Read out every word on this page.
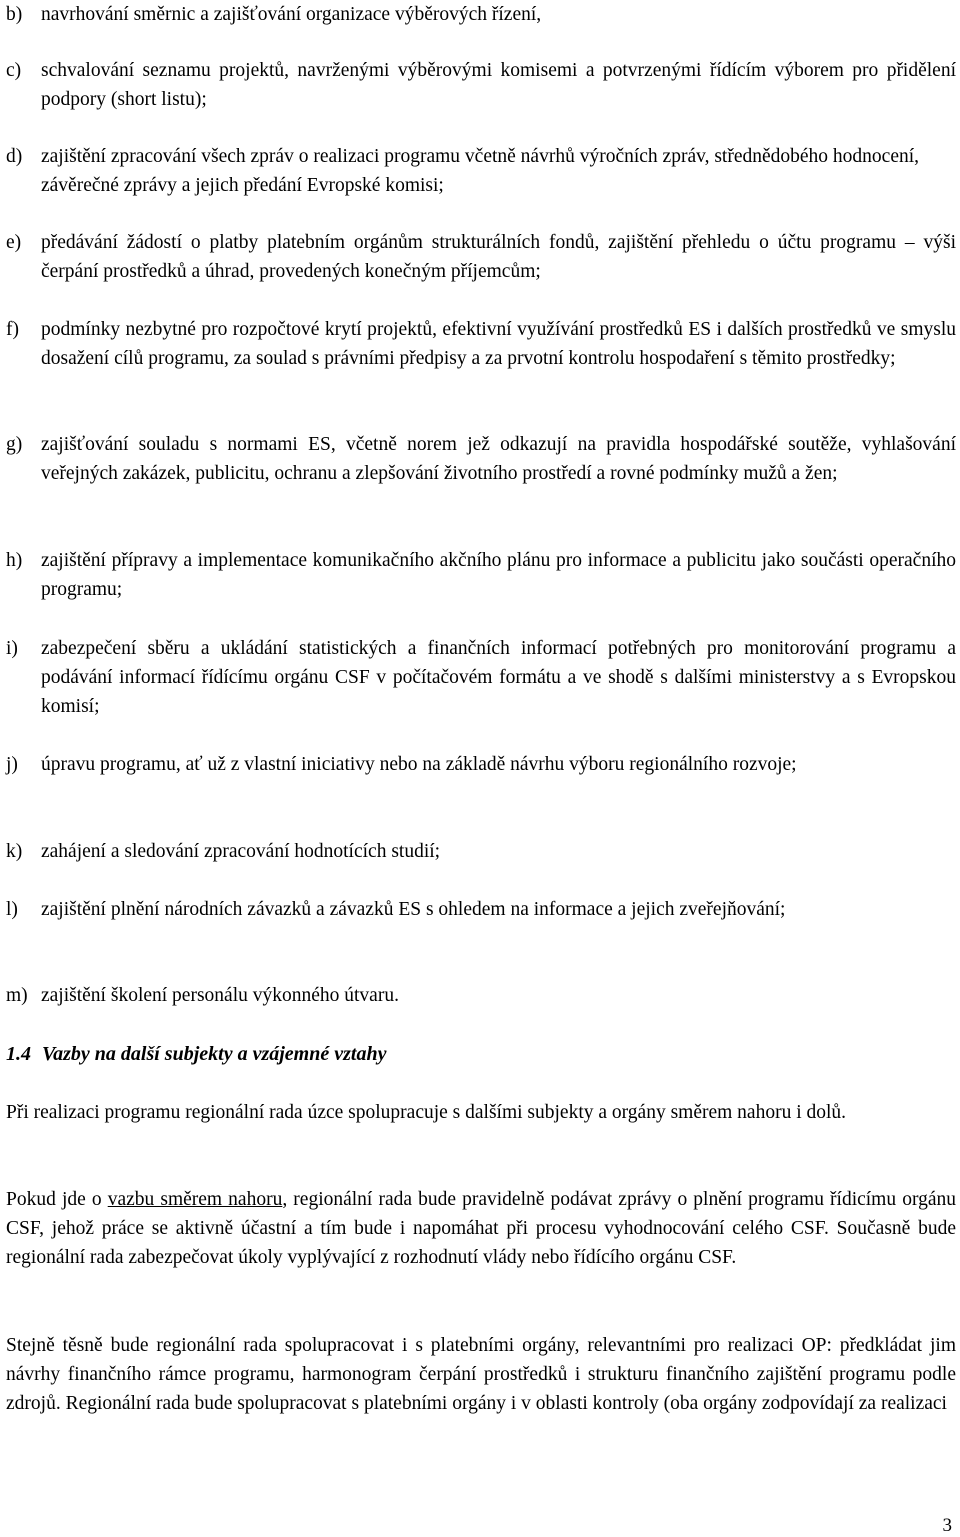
b) navrhování směrnic a zajišťování organizace výběrových řízení,
c) schvalování seznamu projektů, navrženými výběrovými komisemi a potvrzenými řídícím výborem pro přidělení podpory (short listu);
d) zajištění zpracování všech zpráv o realizaci programu včetně návrhů výročních zpráv, střednědobého hodnocení, závěrečné zprávy a jejich předání Evropské komisi;
e) předávání žádostí o platby platebním orgánům strukturálních fondů, zajištění přehledu o účtu programu – výši čerpání prostředků a úhrad, provedených konečným příjemcům;
f) podmínky nezbytné pro rozpočtové krytí projektů, efektivní využívání prostředků ES i dalších prostředků ve smyslu dosažení cílů programu, za soulad s právními předpisy a za prvotní kontrolu hospodaření s těmito prostředky;
g) zajišťování souladu s normami ES, včetně norem jež odkazují na pravidla hospodářské soutěže, vyhlašování veřejných zakázek, publicitu, ochranu a zlepšování životního prostředí a rovné podmínky mužů a žen;
h) zajištění přípravy a implementace komunikačního akčního plánu pro informace a publicitu jako součásti operačního programu;
i) zabezpečení sběru a ukládání statistických a finančních informací potřebných pro monitorování programu a podávání informací řídícímu orgánu CSF v počítačovém formátu a ve shodě s dalšími ministerstvy a s Evropskou komisí;
j) úpravu programu, ať už z vlastní iniciativy nebo na základě návrhu výboru regionálního rozvoje;
k) zahájení a sledování zpracování hodnotících studií;
l) zajištění plnění národních závazků a závazků ES s ohledem na informace a jejich zveřejňování;
m) zajištění školení personálu výkonného útvaru.
1.4 Vazby na další subjekty a vzájemné vztahy
Při realizaci programu regionální rada úzce spolupracuje s dalšími subjekty a orgány směrem nahoru i dolů.
Pokud jde o vazbu směrem nahoru, regionální rada bude pravidelně podávat zprávy o plnění programu řídicímu orgánu CSF, jehož práce se aktivně účastní a tím bude i napomáhat při procesu vyhodnocování celého CSF. Současně bude regionální rada zabezpečovat úkoly vyplývající z rozhodnutí vlády nebo řídícího orgánu CSF.
Stejně těsně bude regionální rada spolupracovat i s platebními orgány, relevantními pro realizaci OP: předkládat jim návrhy finančního rámce programu, harmonogram čerpání prostředků i strukturu finančního zajištění programu podle zdrojů. Regionální rada bude spolupracovat s platebními orgány i v oblasti kontroly (oba orgány zodpovídají za realizaci
3
